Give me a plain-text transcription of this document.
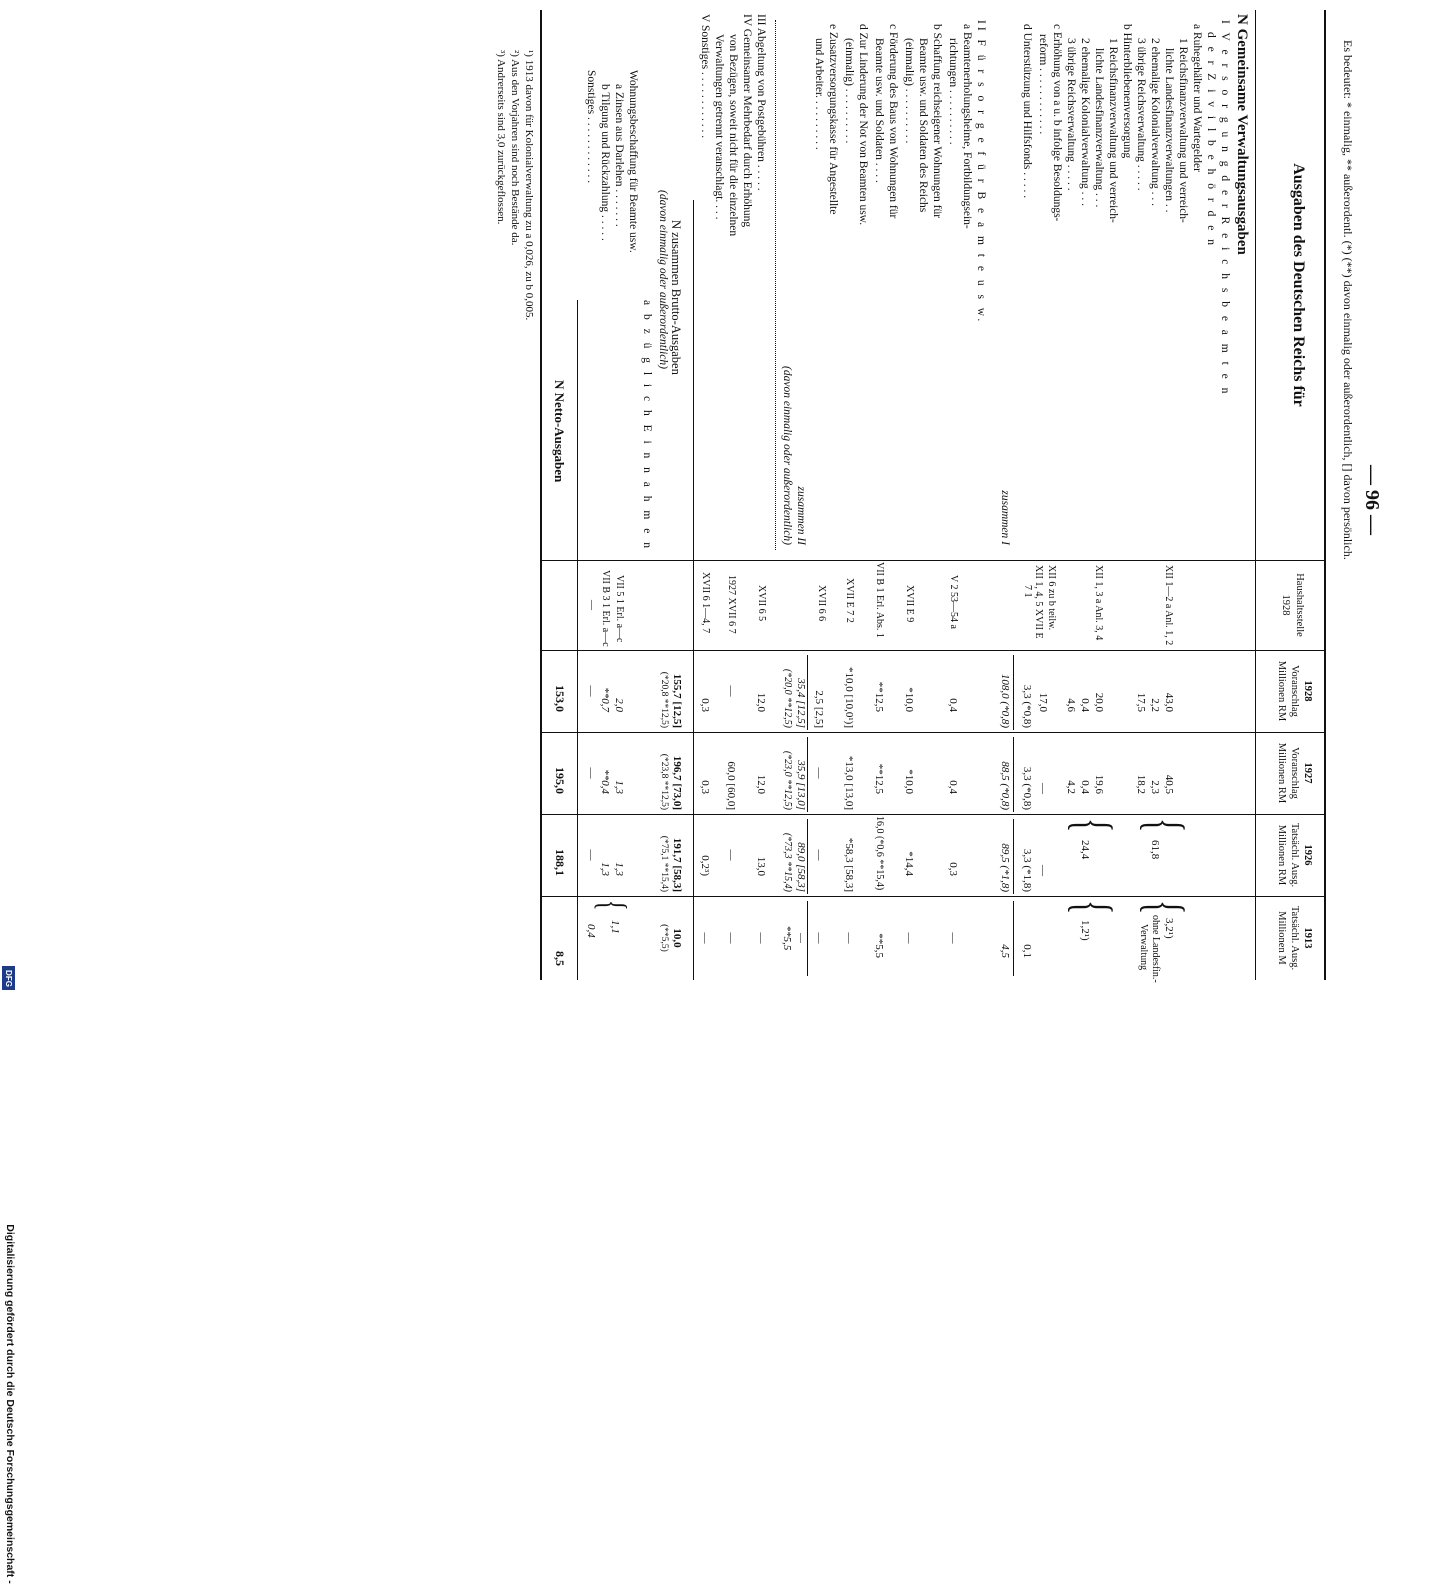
— 96 —
Es bedeutet: * einmalig, ** außerordentl. (*) (**) davon einmalig oder außerordentlich, [] davon persönlich.
Ausgaben des Deutschen Reichs für
Haushaltsstelle
1928
1928
Voranschlag
Millionen RM
1927
Voranschlag
Millionen RM
1926
Tatsächl. Ausg.
Millionen RM
1913
Tatsächl. Ausg.
Millionen M
N Gemeinsame Verwaltungsausgaben
I V e r s o r g u n g d e r R e i c h s b e a m t e n
d e r Z i v i l b e h ö r d e n
a Ruhegehälter und Wartegelder
1 Reichsfinanzverwaltung und verreich-
lichte Landesfinanzverwaltungen . .
XII 1—2 a Anl. 1, 2
43,0
40,5
2 ehemalige Kolonialverwaltung . . .
2,2
2,3
3 übrige Reichsverwaltung . . . . .
17,5
18,2
{
61,8
{
3,2¹)
ohne Landesfin.-
Verwaltung
b Hinterbliebenenversorgung
1 Reichsfinanzverwaltung und verreich-
lichte Landesfinanzverwaltung . . .
XII 1, 3 a Anl. 3, 4
20,0
19,6
2 ehemalige Kolonialverwaltung . . .
0,4
0,4
3 übrige Reichsverwaltung . . . . .
4,6
4,2
{
24,4
{
1,2¹)
c Erhöhung von a u. b infolge Besoldungs-
reform . . . . . . . . . . . .
XII 6 zu b teilw.
17,0
—
—
d Unterstützung und Hilfsfonds . . . . .
XII 1, 4, 5 XVII E
7 1
3,3 (*0,8)
3,3 (*0,8)
3,3 (*1,8)
0,1
zusammen I
108,0 (*0,8)
88,5 (*0,8)
89,5 (*1,8)
4,5
II F ü r s o r g e f ü r B e a m t e u s w.
a Beamtenerholungsheime, Fortbildungsein-
richtungen . . . . . . . . . .
V 2 53—54 a
0,4
0,4
0,3
—
b Schaffung reichseigener Wohnungen für
Beamte usw. und Soldaten des Reichs
(einmalig) . . . . . . . . . .
XVII E 9
*10,0
*10,0
*14,4
—
c Förderung des Baus von Wohnungen für
Beamte usw. und Soldaten . . . .
VII B 1 Erl. Abs. 1
**12,5
**12,5
16,0 (*0,6 **15,4)
**5,5
d Zur Linderung der Not von Beamten usw.
(einmalig) . . . . . . . . . .
XVII E 7 2
*10,0 [10,0¹)]
*13,0 [13,0]
*58,3 [58,3]
—
e Zusatzversorgungskasse für Angestellte
und Arbeiter. . . . . . . . . .
XVII 6 6
2,5 [2,5]
—
—
—
zusammen II
35,4 [12,5]
35,9 [13,0]
89,0 [58,3]
—
(davon einmalig oder außerordentlich)
(*20,0 **12,5)
(*23,0 **12,5)
(*73,3 **15,4)
**5,5
III Abgeltung von Postgebühren . . . . .
XVII 6 5
12,0
12,0
13,0
—
IV Gemeinsamer Mehrbedarf durch Erhöhung
von Bezügen, soweit nicht für die einzelnen
Verwaltungen getrennt veranschlagt. . . .
1927 XVII 6 7
—
60,0 [60,0]
—
—
V Sonstiges . . . . . . . . . . . .
XVII 6 1—4, 7
0,3
0,3
0,2³)
—
N zusammen Brutto-Ausgaben
(davon einmalig oder außerordentlich)
155,7 [12,5]
196,7 [73,0]
191,7 [58,3]
10,0
(*20,8 **12,5)
(*23,8 **12,5)
(*75,1 **15,4)
(**5,5)
a b z ü g l i c h E i n n a h m e n
Wohnungsbeschaffung für Beamte usw.
a Zinsen aus Darlehen . . . . . . .
VII 5 1 Erl. a—c
2,0
1,3
1,3
{
1,1
b Tilgung und Rückzahlung . . . . .
VII B 3 1 Erl. a—c
**0,7
**0,4
1,3
0,4
Sonstiges . . . . . . . . . . . .
—
—
—
—
N Netto-Ausgaben
153,0
195,0
188,1
8,5
¹) 1913 davon für Kolonialverwaltung zu a 0,026, zu b 0,005.
²) Aus den Vorjahren sind noch Bestände da.
³) Andrerseits sind 3,0 zurückgeflossen.
Digitalisierung gefördert durch die Deutsche Forschungsgemeinschaft -
DFG
